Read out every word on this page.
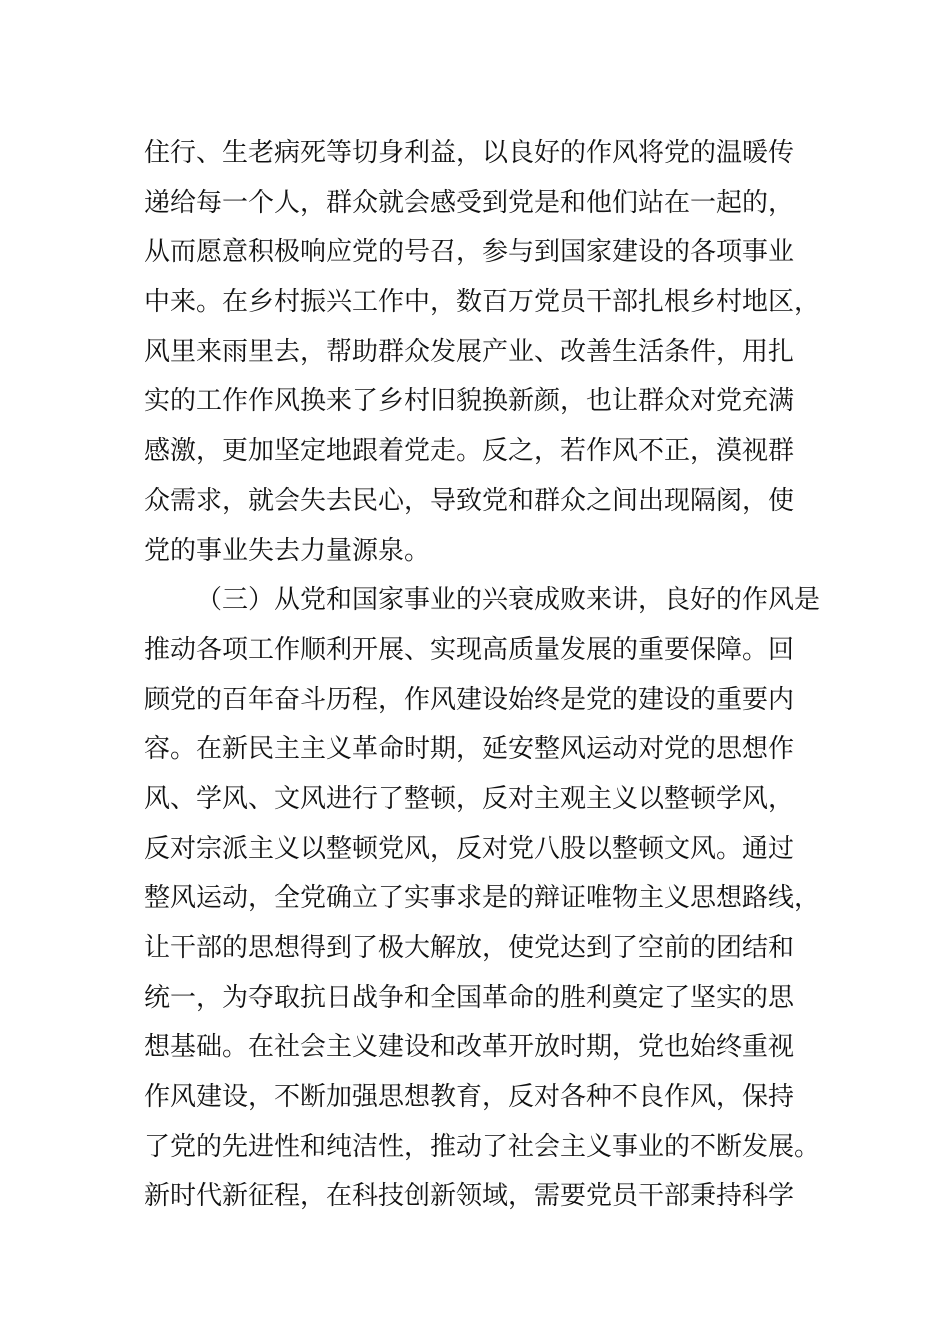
住行、生老病死等切身利益，以良好的作风将党的温暖传
递给每一个人，群众就会感受到党是和他们站在一起的，
从而愿意积极响应党的号召，参与到国家建设的各项事业
中来。在乡村振兴工作中，数百万党员干部扎根乡村地区，
风里来雨里去，帮助群众发展产业、改善生活条件，用扎
实的工作作风换来了乡村旧貌换新颜，也让群众对党充满
感激，更加坚定地跟着党走。反之，若作风不正，漠视群
众需求，就会失去民心，导致党和群众之间出现隔阂，使
党的事业失去力量源泉。
（三）从党和国家事业的兴衰成败来讲，良好的作风是
推动各项工作顺利开展、实现高质量发展的重要保障。回
顾党的百年奋斗历程，作风建设始终是党的建设的重要内
容。在新民主主义革命时期，延安整风运动对党的思想作
风、学风、文风进行了整顿，反对主观主义以整顿学风，
反对宗派主义以整顿党风，反对党八股以整顿文风。通过
整风运动，全党确立了实事求是的辩证唯物主义思想路线，
让干部的思想得到了极大解放，使党达到了空前的团结和
统一，为夺取抗日战争和全国革命的胜利奠定了坚实的思
想基础。在社会主义建设和改革开放时期，党也始终重视
作风建设，不断加强思想教育，反对各种不良作风，保持
了党的先进性和纯洁性，推动了社会主义事业的不断发展。
新时代新征程，在科技创新领域，需要党员干部秉持科学
